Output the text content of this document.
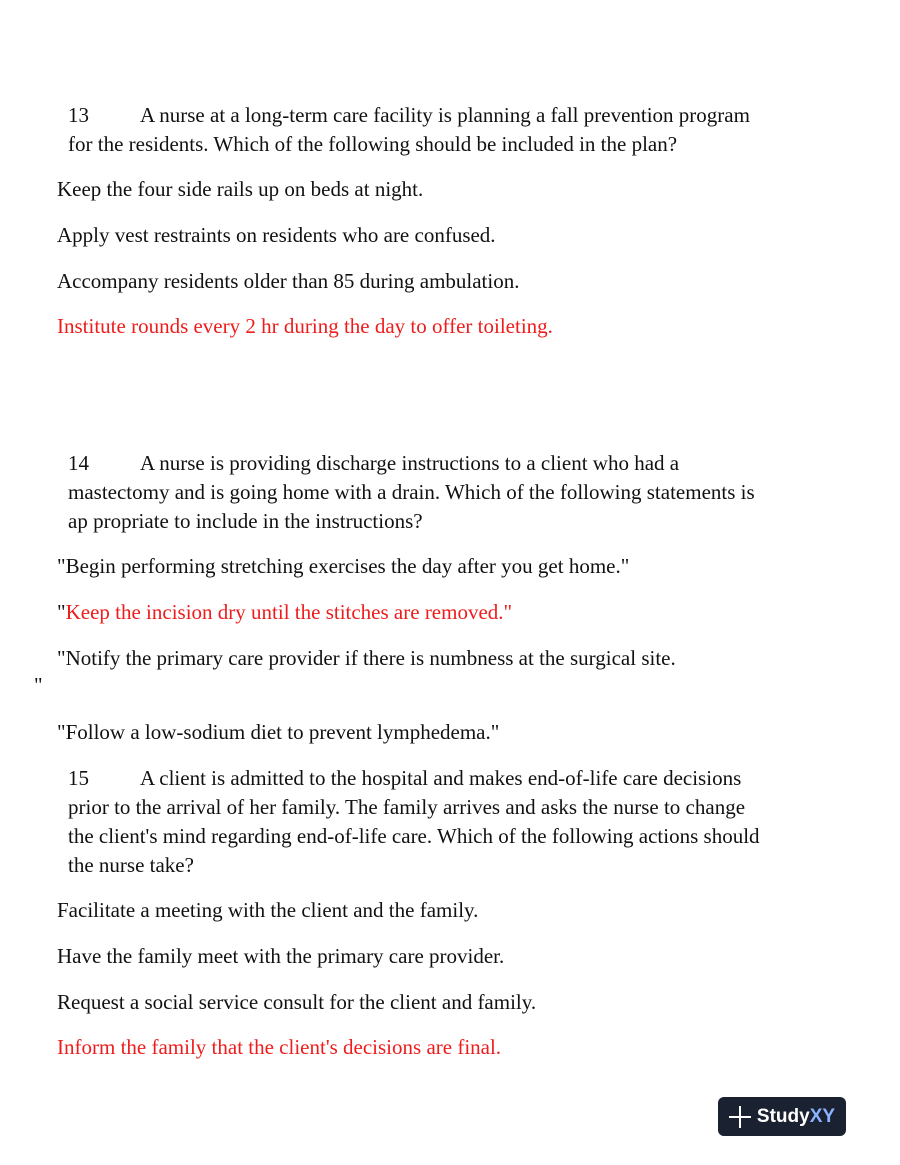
13 A nurse at a long-term care facility is planning a fall prevention program

for the residents. Which of the following should be included in the plan?

Keep the four side rails up on beds at night.

Apply vest restraints on residents who are confused.

Accompany residents older than 85 during ambulation.

Institute rounds every 2 hr during the day to offer toileting.

14 A nurse is providing discharge instructions to a client who had a

mastectomy and is going home with a drain. Which of the following statements is

ap propriate to include in the instructions?

"Begin performing stretching exercises the day after you get home."

"Keep the incision dry until the stitches are removed."

"Notify the primary care provider if there is numbness at the surgical site.

"

"Follow a low-sodium diet to prevent lymphedema."

15 A client is admitted to the hospital and makes end-of-life care decisions

prior to the arrival of her family. The family arrives and asks the nurse to change

the client's mind regarding end-of-life care. Which of the following actions should

the nurse take?

Facilitate a meeting with the client and the family.

Have the family meet with the primary care provider.

Request a social service consult for the client and family.

Inform the family that the client's decisions are final.

StudyXY
